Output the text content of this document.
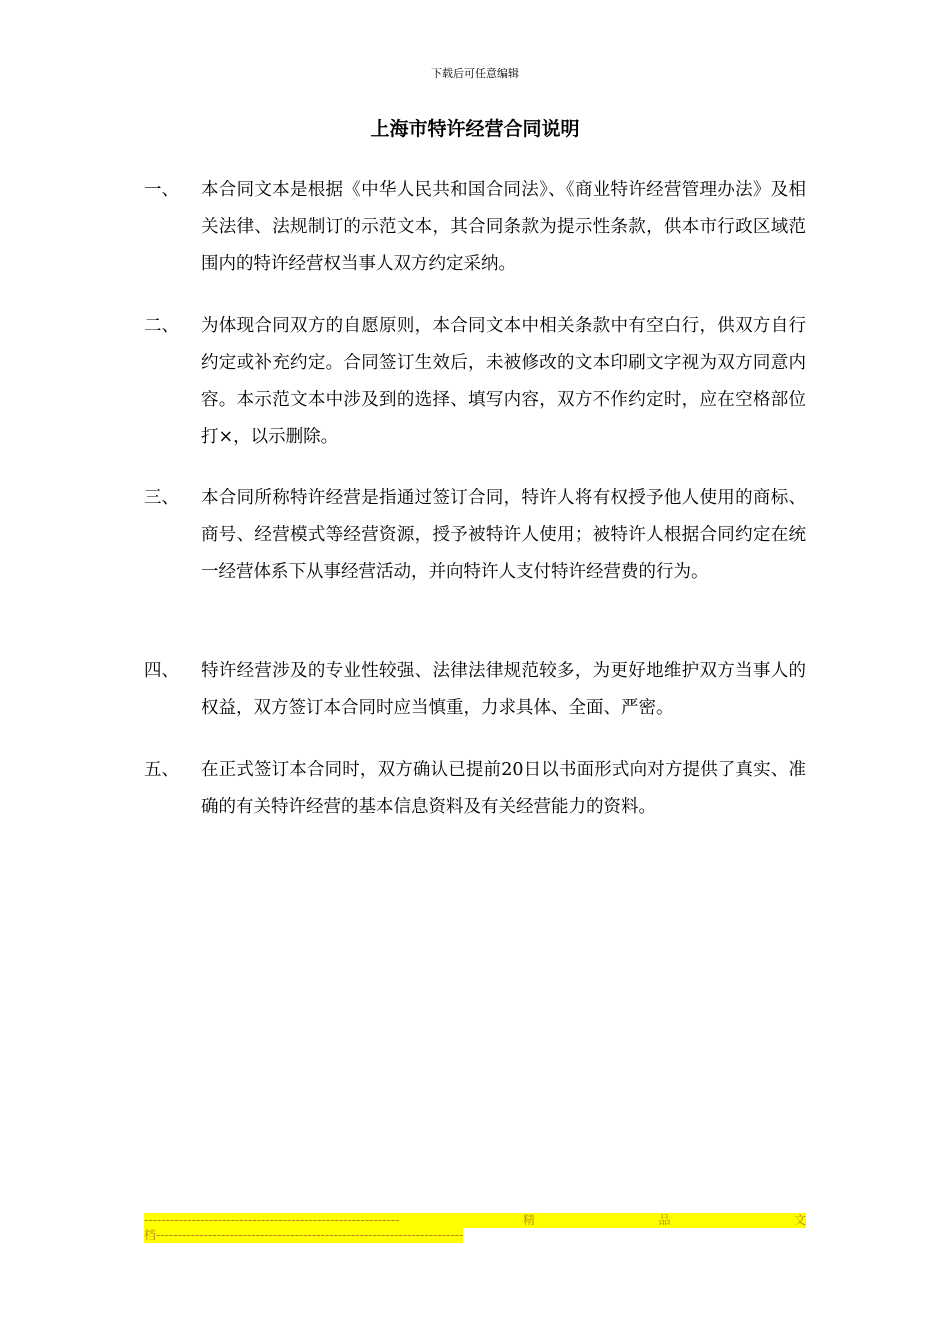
下载后可任意编辑
上海市特许经营合同说明
一、	本合同文本是根据《中华人民共和国合同法》、《商业特许经营管理办法》及相关法律、法规制订的示范文本，其合同条款为提示性条款，供本市行政区域范围内的特许经营权当事人双方约定采纳。
二、	为体现合同双方的自愿原则，本合同文本中相关条款中有空白行，供双方自行约定或补充约定。合同签订生效后，未被修改的文本印刷文字视为双方同意内容。本示范文本中涉及到的选择、填写内容，双方不作约定时，应在空格部位打×，以示删除。
三、	本合同所称特许经营是指通过签订合同，特许人将有权授予他人使用的商标、商号、经营模式等经营资源，授予被特许人使用；被特许人根据合同约定在统一经营体系下从事经营活动，并向特许人支付特许经营费的行为。
四、	特许经营涉及的专业性较强、法律法律规范较多，为更好地维护双方当事人的权益，双方签订本合同时应当慎重，力求具体、全面、严密。
五、	在正式签订本合同时，双方确认已提前20日以书面形式向对方提供了真实、准确的有关特许经营的基本信息资料及有关经营能力的资料。
-----------------------------------------------------------	精	品	文
档-----------------------------------------------------------------------
